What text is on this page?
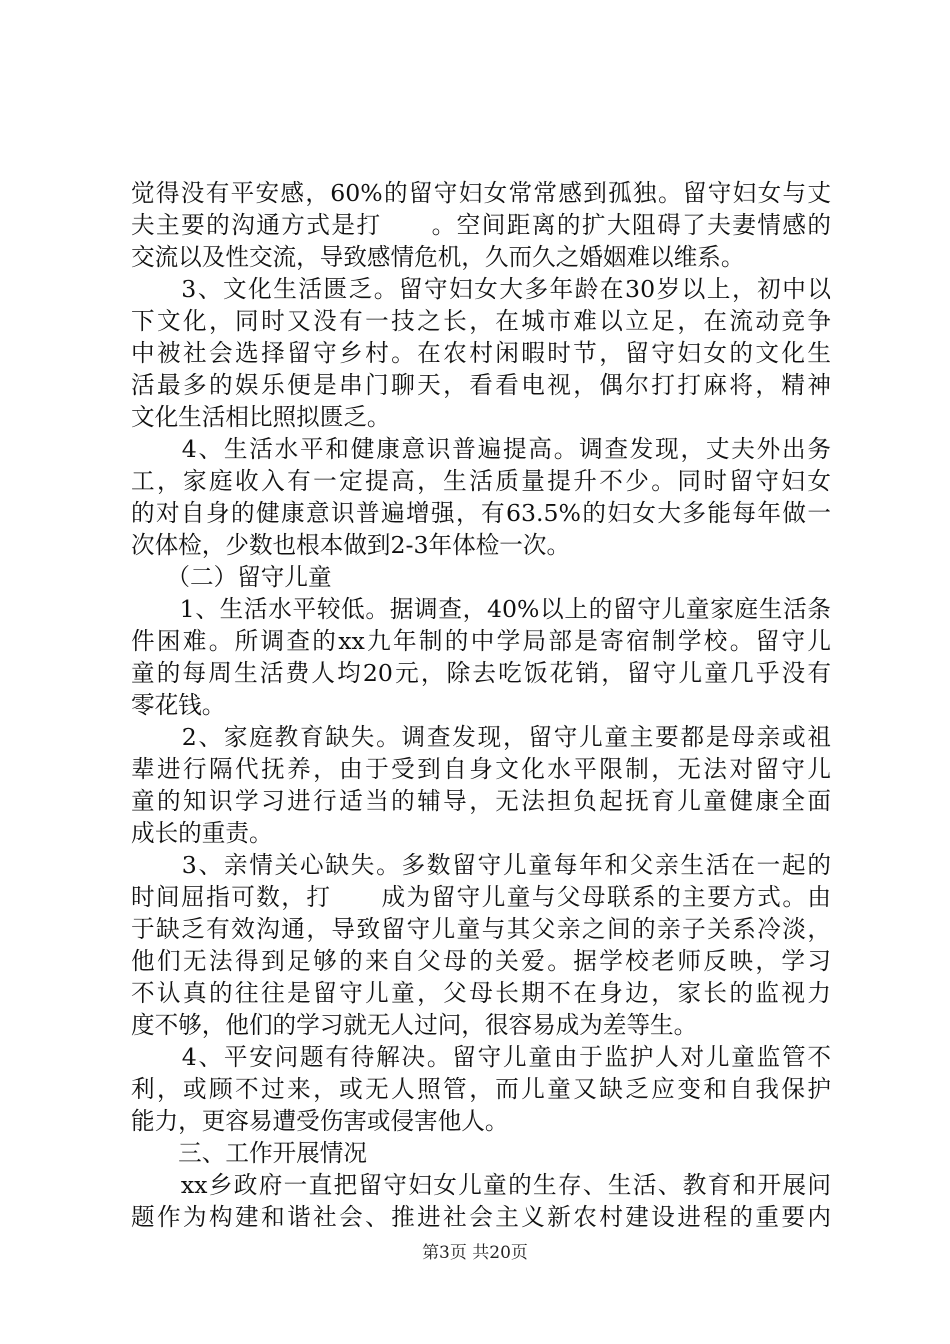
觉得没有平安感，60%的留守妇女常常感到孤独。留守妇女与丈
夫主要的沟通方式是打　　。空间距离的扩大阻碍了夫妻情感的
交流以及性交流，导致感情危机，久而久之婚姻难以维系。
　　3、文化生活匮乏。留守妇女大多年龄在30岁以上，初中以
下文化，同时又没有一技之长，在城市难以立足，在流动竞争
中被社会选择留守乡村。在农村闲暇时节，留守妇女的文化生
活最多的娱乐便是串门聊天，看看电视，偶尔打打麻将，精神
文化生活相比照拟匮乏。
　　4、生活水平和健康意识普遍提高。调查发现，丈夫外出务
工，家庭收入有一定提高，生活质量提升不少。同时留守妇女
的对自身的健康意识普遍增强，有63.5%的妇女大多能每年做一
次体检，少数也根本做到2-3年体检一次。
　　（二）留守儿童
　　1、生活水平较低。据调查，40%以上的留守儿童家庭生活条
件困难。所调查的xx九年制的中学局部是寄宿制学校。留守儿
童的每周生活费人均20元，除去吃饭花销，留守儿童几乎没有
零花钱。
　　2、家庭教育缺失。调查发现，留守儿童主要都是母亲或祖
辈进行隔代抚养，由于受到自身文化水平限制，无法对留守儿
童的知识学习进行适当的辅导，无法担负起抚育儿童健康全面
成长的重责。
　　3、亲情关心缺失。多数留守儿童每年和父亲生活在一起的
时间屈指可数，打　　成为留守儿童与父母联系的主要方式。由
于缺乏有效沟通，导致留守儿童与其父亲之间的亲子关系冷淡，
他们无法得到足够的来自父母的关爱。据学校老师反映，学习
不认真的往往是留守儿童，父母长期不在身边，家长的监视力
度不够，他们的学习就无人过问，很容易成为差等生。
　　4、平安问题有待解决。留守儿童由于监护人对儿童监管不
利，或顾不过来，或无人照管，而儿童又缺乏应变和自我保护
能力，更容易遭受伤害或侵害他人。
　　三、工作开展情况
　　xx乡政府一直把留守妇女儿童的生存、生活、教育和开展问
题作为构建和谐社会、推进社会主义新农村建设进程的重要内
第3页 共20页
